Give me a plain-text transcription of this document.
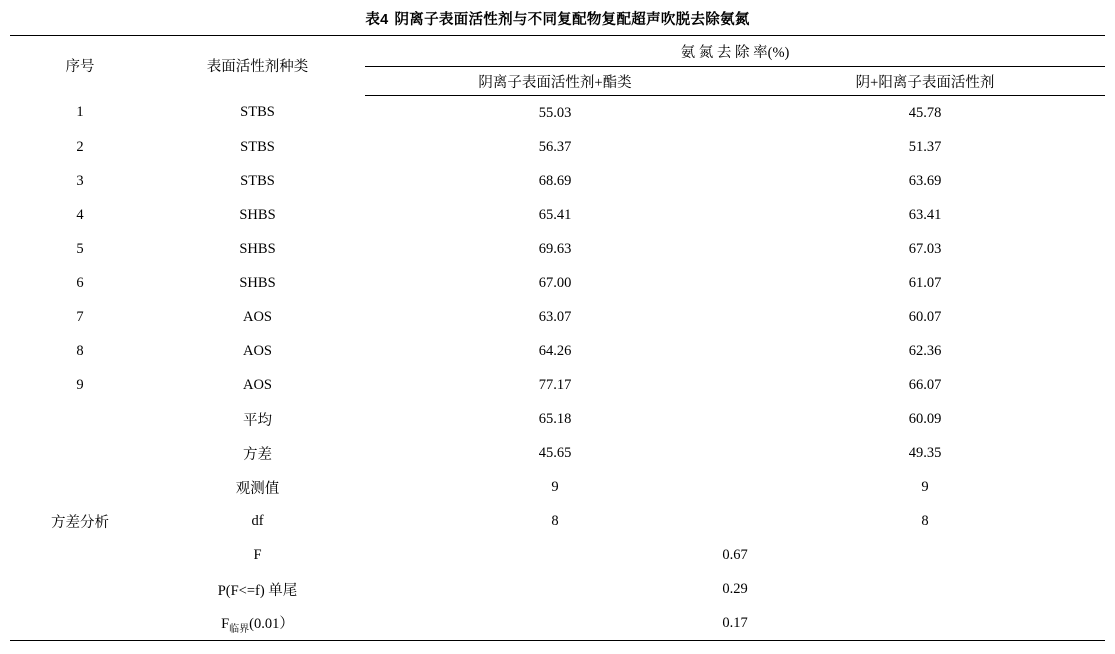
表4 阴离子表面活性剂与不同复配物复配超声吹脱去除氨氮
序号	表面活性剂种类	氨 氮 去 除 率(%)	
		阴离子表面活性剂+酯类	阴+阳离子表面活性剂
1	STBS	55.03	45.78
2	STBS	56.37	51.37
3	STBS	68.69	63.69
4	SHBS	65.41	63.41
5	SHBS	69.63	67.03
6	SHBS	67.00	61.07
7	AOS	63.07	60.07
8	AOS	64.26	62.36
9	AOS	77.17	66.07
	平均	65.18	60.09
	方差	45.65	49.35
	观测值	9	9
方差分析	df	8	8
	F	0.67	
	P(F<=f) 单尾	0.29	
	$F_{临界}(0.01)$	0.17	
